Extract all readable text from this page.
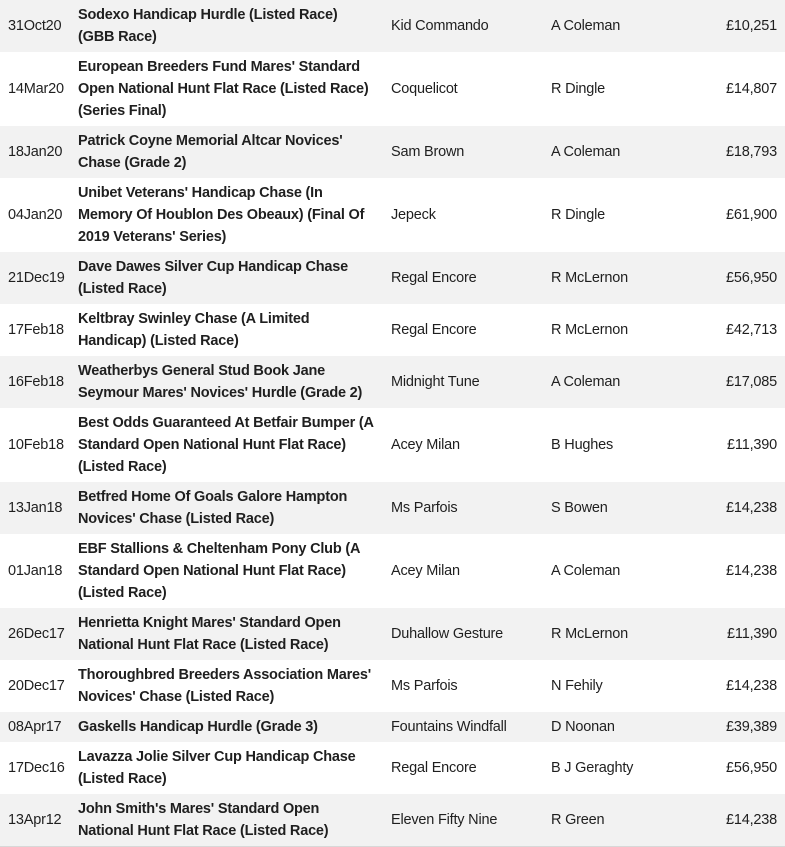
31Oct20	Sodexo Handicap Hurdle (Listed Race) (GBB Race)	Kid Commando	A Coleman	£10,251
14Mar20	European Breeders Fund Mares' Standard Open National Hunt Flat Race (Listed Race) (Series Final)	Coquelicot	R Dingle	£14,807
18Jan20	Patrick Coyne Memorial Altcar Novices' Chase (Grade 2)	Sam Brown	A Coleman	£18,793
04Jan20	Unibet Veterans' Handicap Chase (In Memory Of Houblon Des Obeaux) (Final Of 2019 Veterans' Series)	Jepeck	R Dingle	£61,900
21Dec19	Dave Dawes Silver Cup Handicap Chase (Listed Race)	Regal Encore	R McLernon	£56,950
17Feb18	Keltbray Swinley Chase (A Limited Handicap) (Listed Race)	Regal Encore	R McLernon	£42,713
16Feb18	Weatherbys General Stud Book Jane Seymour Mares' Novices' Hurdle (Grade 2)	Midnight Tune	A Coleman	£17,085
10Feb18	Best Odds Guaranteed At Betfair Bumper (A Standard Open National Hunt Flat Race) (Listed Race)	Acey Milan	B Hughes	£11,390
13Jan18	Betfred Home Of Goals Galore Hampton Novices' Chase (Listed Race)	Ms Parfois	S Bowen	£14,238
01Jan18	EBF Stallions & Cheltenham Pony Club (A Standard Open National Hunt Flat Race) (Listed Race)	Acey Milan	A Coleman	£14,238
26Dec17	Henrietta Knight Mares' Standard Open National Hunt Flat Race (Listed Race)	Duhallow Gesture	R McLernon	£11,390
20Dec17	Thoroughbred Breeders Association Mares' Novices' Chase (Listed Race)	Ms Parfois	N Fehily	£14,238
08Apr17	Gaskells Handicap Hurdle (Grade 3)	Fountains Windfall	D Noonan	£39,389
17Dec16	Lavazza Jolie Silver Cup Handicap Chase (Listed Race)	Regal Encore	B J Geraghty	£56,950
13Apr12	John Smith's Mares' Standard Open National Hunt Flat Race (Listed Race)	Eleven Fifty Nine	R Green	£14,238
